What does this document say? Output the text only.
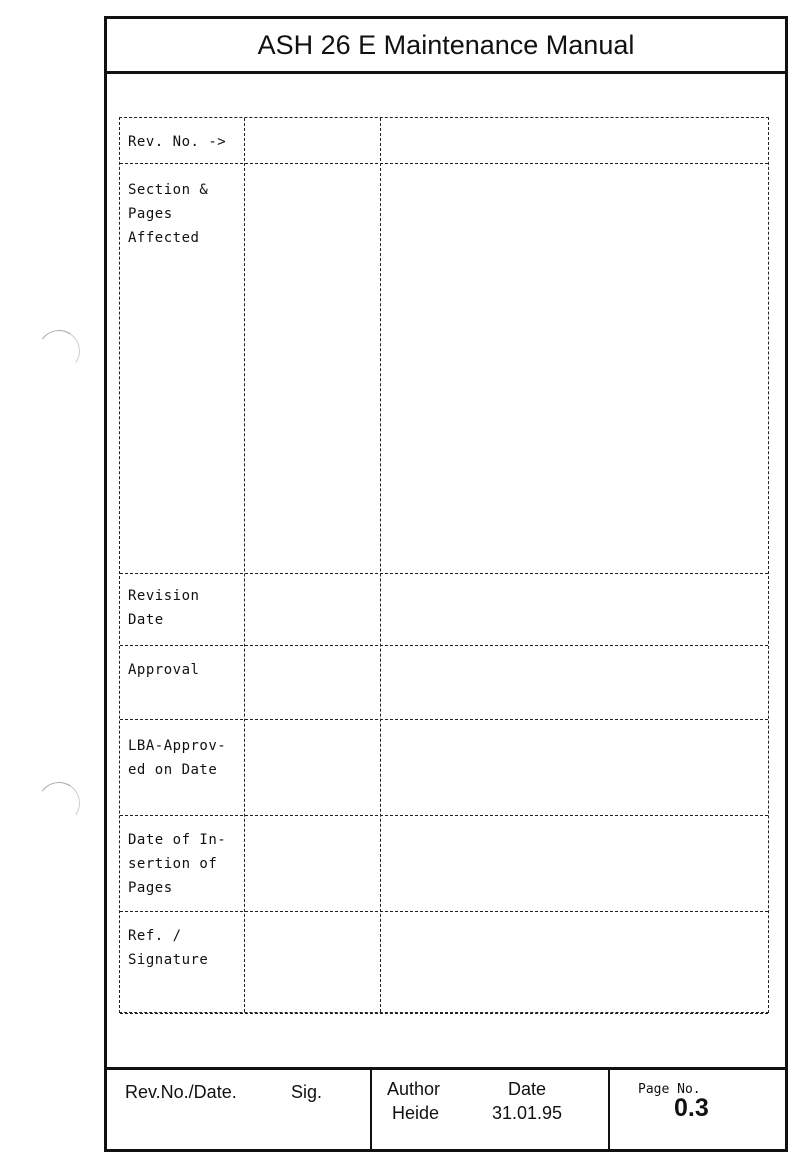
ASH 26 E Maintenance Manual
Rev. No. ->
Section &
Pages
Affected
Revision
Date
Approval
LBA-Approv-
ed on Date
Date of In-
sertion of
Pages
Ref. /
Signature
Rev.No./Date.	Sig.	Author
Heide
Date
31.01.95
Page No.
0.3
